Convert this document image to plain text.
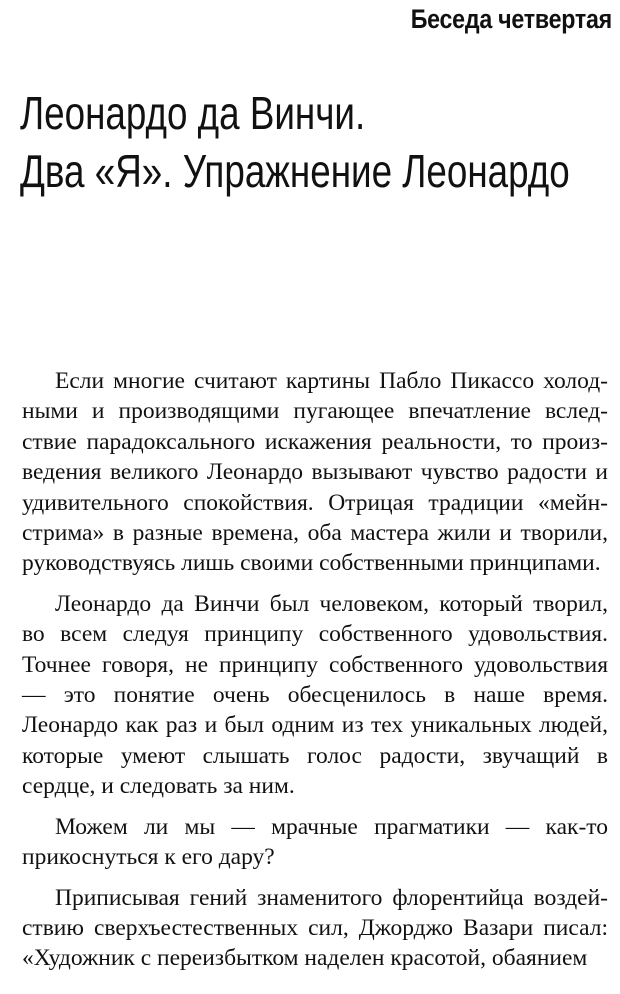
Беседа четвертая
Леонардо да Винчи.
Два «Я». Упражнение Леонардо

Если многие считают картины Пабло Пикассо холодными и производящими пугающее впечатление вследствие парадоксального искажения реальности, то произведения великого Леонардо вызывают чувство радости и удивительного спокойствия. Отрицая традиции «мейнстрима» в разные времена, оба мастера жили и творили, руководствуясь лишь своими собственными принципами.

Леонардо да Винчи был человеком, который творил, во всем следуя принципу собственного удовольствия. Точнее говоря, не принципу собственного удовольствия — это понятие очень обесценилось в наше время. Леонардо как раз и был одним из тех уникальных людей, которые умеют слышать голос радости, звучащий в сердце, и следовать за ним.

Можем ли мы — мрачные прагматики — как-то прикоснуться к его дару?

Приписывая гений знаменитого флорентийца воздействию сверхъестественных сил, Джорджо Вазари писал: «Художник с переизбытком наделен красотой, обаянием
